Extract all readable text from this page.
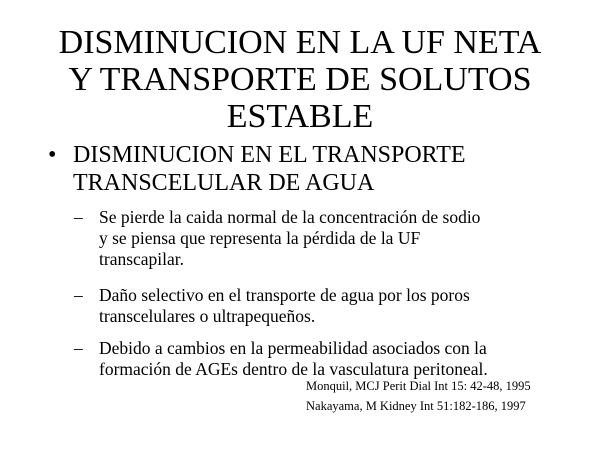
DISMINUCION EN LA UF NETA
Y TRANSPORTE DE SOLUTOS
ESTABLE
• DISMINUCION EN EL TRANSPORTE
TRANSCELULAR DE AGUA
– Se pierde la caida normal de la concentración de sodio
y se piensa que representa la pérdida de la UF
transcapilar.
– Daño selectivo en el transporte de agua por los poros
transcelulares o ultrapequeños.
– Debido a cambios en la permeabilidad asociados con la
formación de AGEs dentro de la vasculatura peritoneal.
Monquil, MCJ Perit Dial Int 15: 42-48, 1995
Nakayama, M Kidney Int 51:182-186, 1997
